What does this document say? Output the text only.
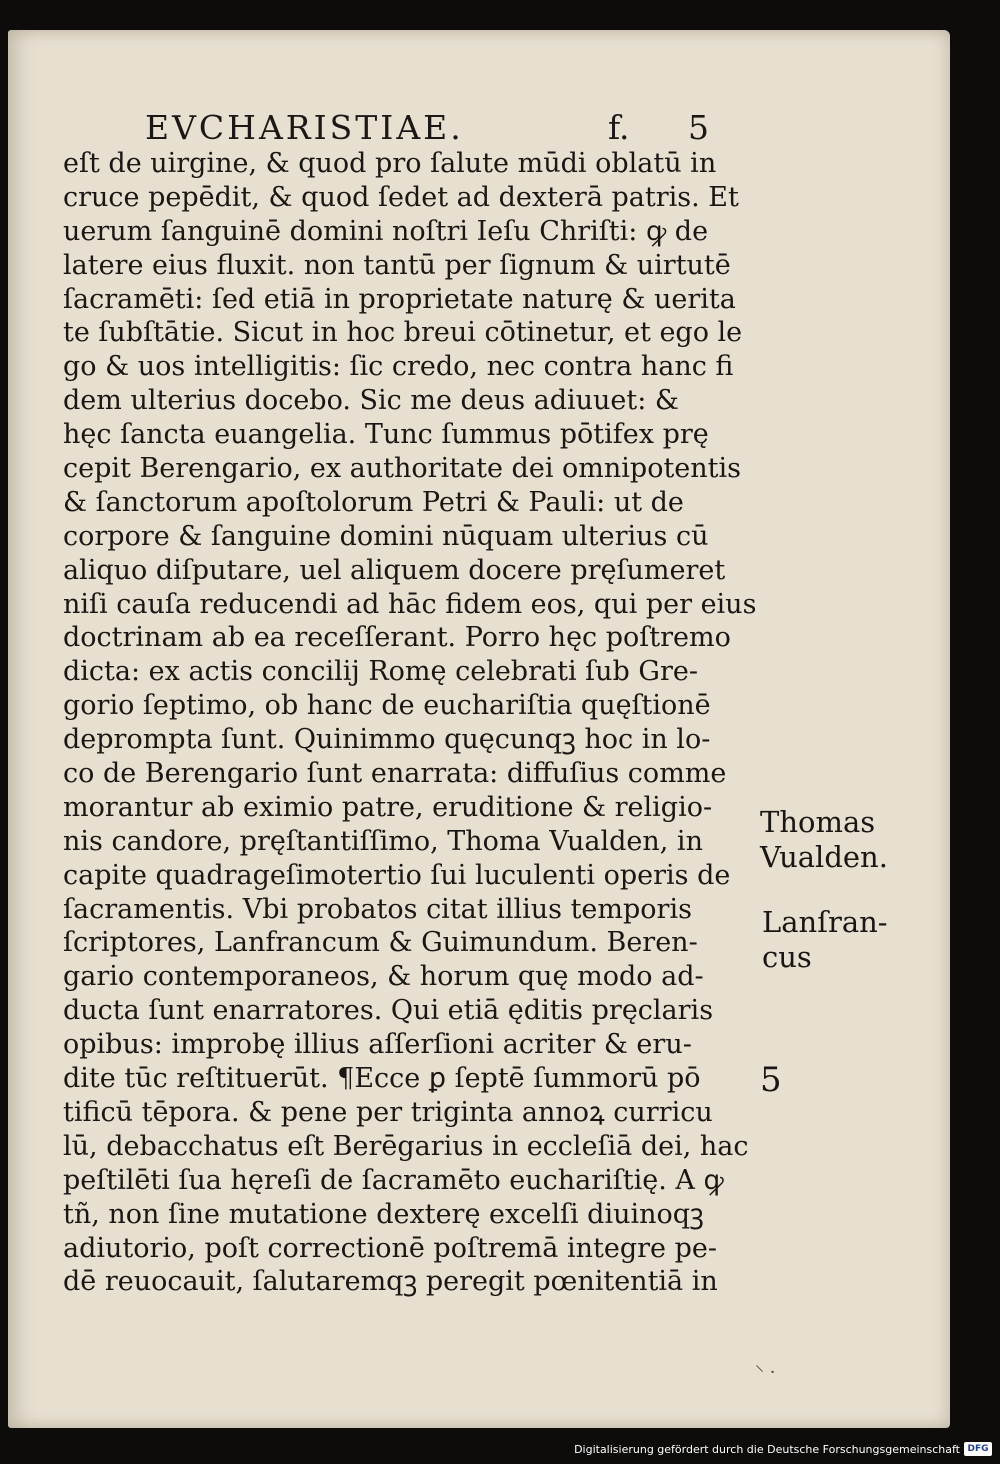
EVCHARISTIAE.	f. 5
eſt de uirgine, & quod pro ſalute mūdi oblatū in
cruce pepēdit, & quod ſedet ad dexterā patris. Et
uerum ſanguinē domini noſtri Ieſu Chriſti: ꝙ de
latere eius fluxit. non tantū per ſignum & uirtutē
ſacramēti: ſed etiā in proprietate naturę & uerita
te ſubſtātie. Sicut in hoc breui cōtinetur, et ego le
go & uos intelligitis: ſic credo, nec contra hanc fi
dem ulterius docebo. Sic me deus adiuuet: &
hęc ſancta euangelia. Tunc ſummus pōtifex prę
cepit Berengario, ex authoritate dei omnipotentis
& ſanctorum apoſtolorum Petri & Pauli: ut de
corpore & ſanguine domini nūquam ulterius cū
aliquo diſputare, uel aliquem docere pręſumeret
niſi cauſa reducendi ad hāc fidem eos, qui per eius
doctrinam ab ea receſſerant. Porro hęc poſtremo
dicta: ex actis concilij Romę celebrati ſub Gre-
gorio ſeptimo, ob hanc de euchariſtia quęſtionē
deprompta ſunt. Quinimmo quęcunqꝫ hoc in lo-
co de Berengario ſunt enarrata: diffuſius comme
morantur ab eximio patre, eruditione & religio-
nis candore, pręſtantiſſimo, Thoma Vualden, in
capite quadrageſimotertio ſui luculenti operis de
ſacramentis. Vbi probatos citat illius temporis
ſcriptores, Lanfrancum & Guimundum. Beren-
gario contemporaneos, & horum quę modo ad-
ducta ſunt enarratores. Qui etiā ęditis pręclaris
opibus: improbę illius aſſerſioni acriter & eru-
dite tūc reſtituerūt. ¶Ecce ꝑ ſeptē ſummorū pō
tificū tēpora. & pene per triginta annoꝝ curricu
lū, debacchatus eſt Berēgarius in eccleſiā dei, hac
peſtilēti ſua hęreſi de ſacramēto euchariſtię. A ꝙ
tñ, non ſine mutatione dexterę excelſi diuinoqꝫ
adiutorio, poſt correctionē poſtremā integre pe-
dē reuocauit, ſalutaremqꝫ peregit pœnitentiā in
Thomas
Vualden.
Lanſran-
cus
5
⸌ ·
Digitalisierung gefördert durch die Deutsche Forschungsgemeinschaft DFG
